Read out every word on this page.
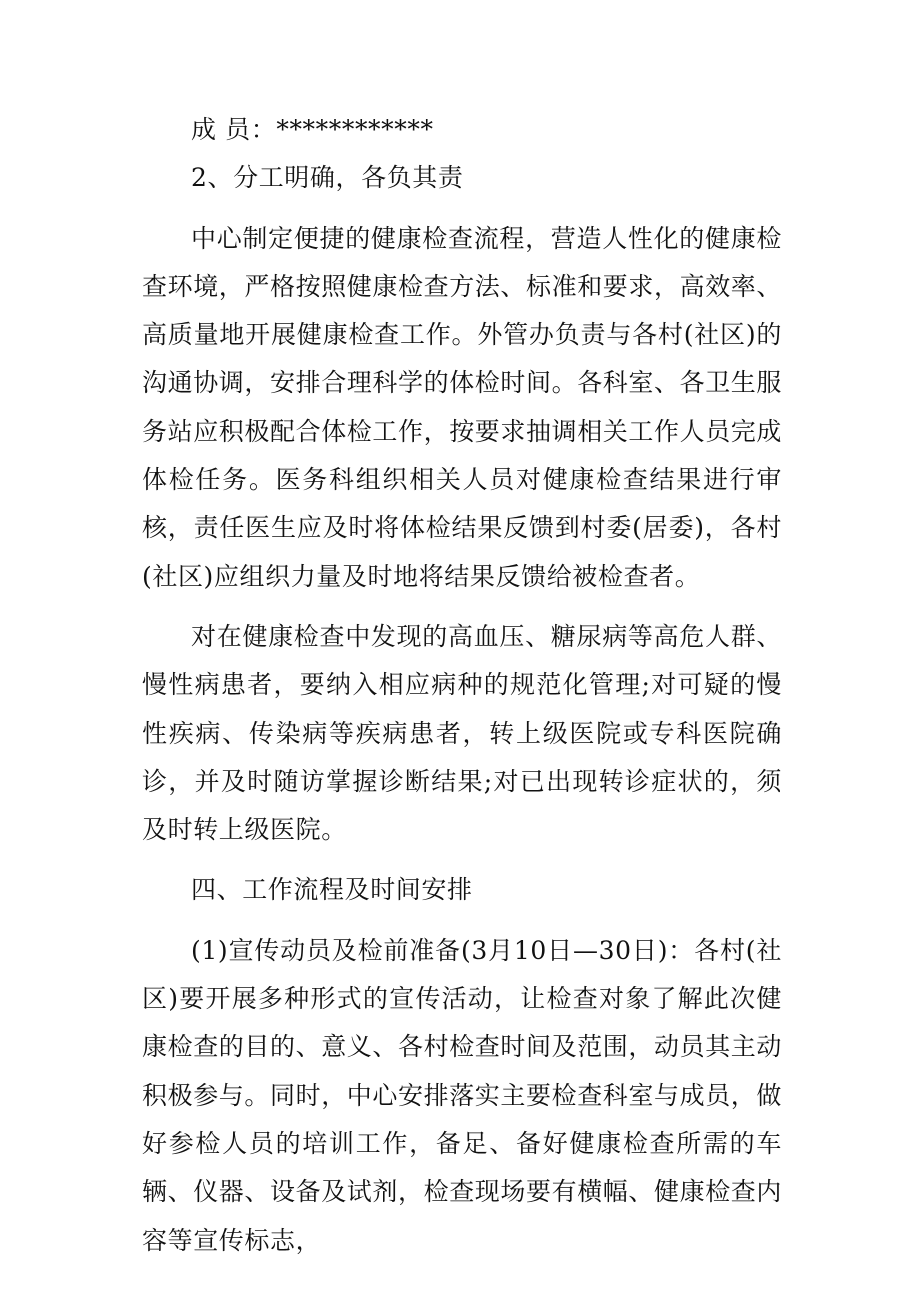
成 员：************

2、分工明确，各负其责

中心制定便捷的健康检查流程，营造人性化的健康检查环境，严格按照健康检查方法、标准和要求，高效率、高质量地开展健康检查工作。外管办负责与各村(社区)的沟通协调，安排合理科学的体检时间。各科室、各卫生服务站应积极配合体检工作，按要求抽调相关工作人员完成体检任务。医务科组织相关人员对健康检查结果进行审核，责任医生应及时将体检结果反馈到村委(居委)，各村(社区)应组织力量及时地将结果反馈给被检查者。

对在健康检查中发现的高血压、糖尿病等高危人群、慢性病患者，要纳入相应病种的规范化管理;对可疑的慢性疾病、传染病等疾病患者，转上级医院或专科医院确诊，并及时随访掌握诊断结果;对已出现转诊症状的，须及时转上级医院。

四、工作流程及时间安排

(1)宣传动员及检前准备(3月10日—30日)：各村(社区)要开展多种形式的宣传活动，让检查对象了解此次健康检查的目的、意义、各村检查时间及范围，动员其主动积极参与。同时，中心安排落实主要检查科室与成员，做好参检人员的培训工作，备足、备好健康检查所需的车辆、仪器、设备及试剂，检查现场要有横幅、健康检查内容等宣传标志，
